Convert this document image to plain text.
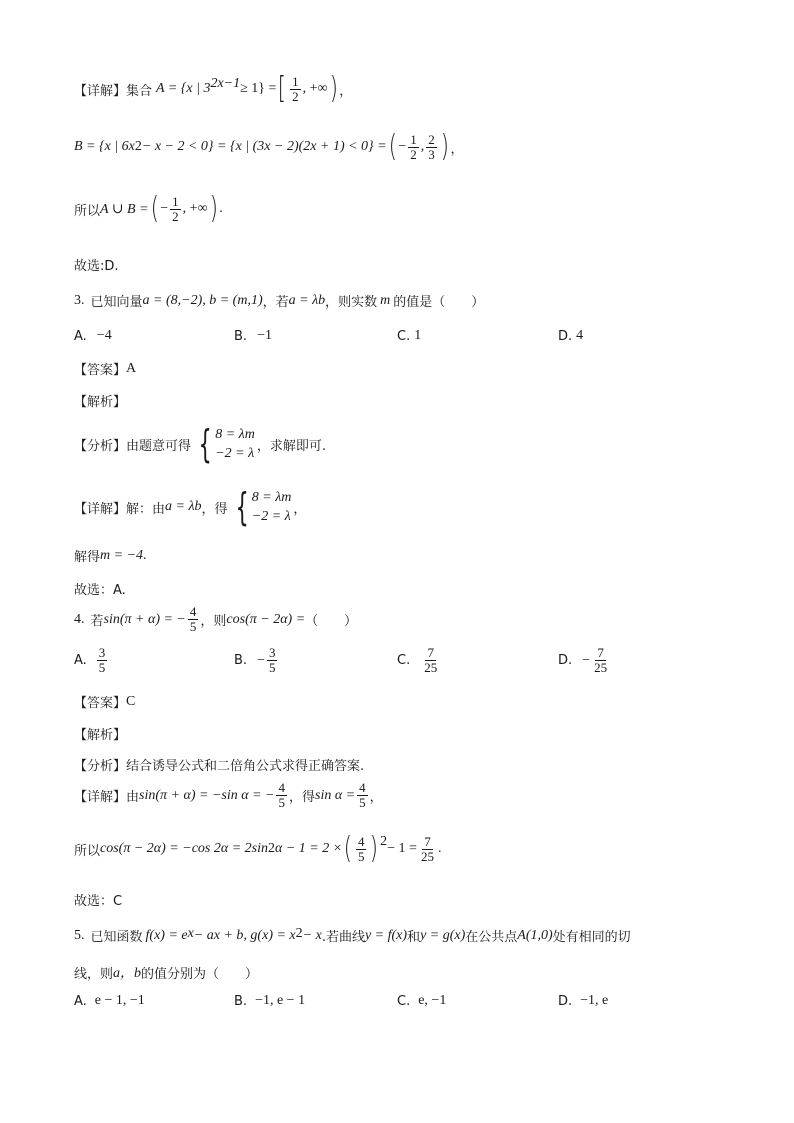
【详解】 集合 A = {x | 3 2x−1 ≥ 1} = [ $\frac{1}{2}$ , +∞ ) ，
B = {x | 6x 2 − x − 2 < 0} = {x | (3x − 2)(2x + 1) < 0} = ( − $\frac{1}{2}$ , $\frac{2}{3}$ ) ，
所以 A ∪ B = ( − $\frac{1}{2}$ , +∞ ) .
故选:D.
3. 已知向量 a = (8,−2), b = (m,1) ，若 a = λb ，则实数 m 的值是（　　）
A. −4	B. −1	C. 1	D. 4
【答案】 A
【解析】
【分析】 由题意可得 { 8 = λm
−2 = λ ，求解即可.
【详解】 解：由 a = λb ，得 { 8 = λm
−2 = λ ，
解得 m = −4 .
故选：A.
4. 若 sin(π + α) = − $\frac{4}{5}$ ，则 cos(π − 2α) = （　　）
A. $\frac{3}{5}$	B. − $\frac{3}{5}$	C. $\frac{7}{25}$	D. − $\frac{7}{25}$
【答案】 C
【解析】
【分析】 结合诱导公式和二倍角公式求得正确答案.
【详解】 由 sin(π + α) = −sin α = − $\frac{4}{5}$ ，得 $\sin \alpha = \frac{4}{5}$ ，
所以 cos(π − 2α) = −cos 2α = 2sin 2 α − 1 = 2 × ( $\frac{4}{5}$ ) $2 - 1 = \frac{7}{25}$ .
故选：C
5. 已知函数 f(x) = e x − ax + b, g(x) = x 2 − x .若曲线 y = f(x) 和 y = g(x) 在公共点 A(1,0) 处有相同的切
线，则 a，b 的值分别为（　　）
A. e − 1, −1	B. −1, e − 1	C. e, −1	D. −1, e
